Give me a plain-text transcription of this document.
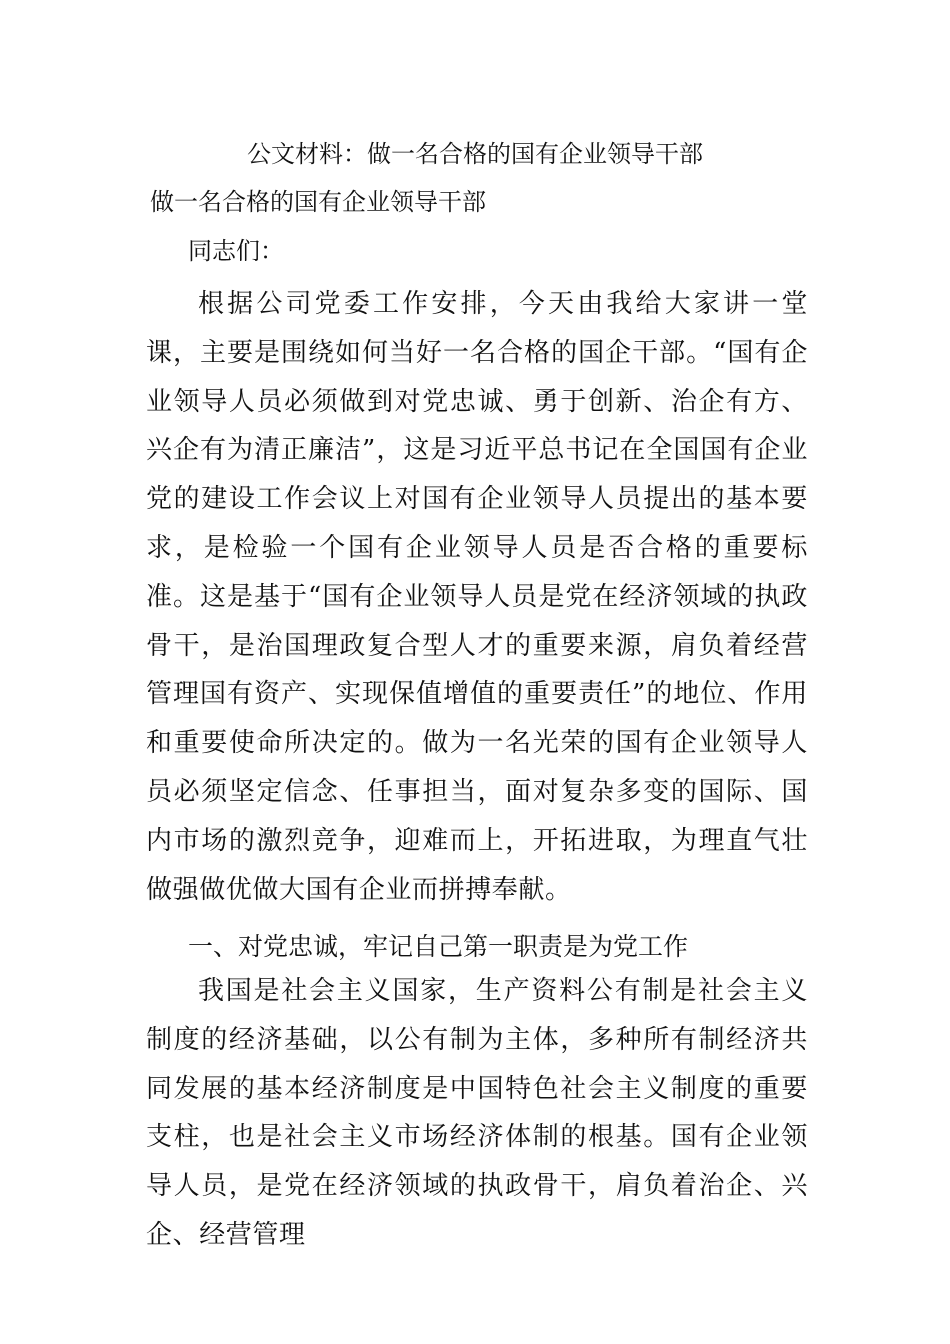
公文材料：做一名合格的国有企业领导干部
做一名合格的国有企业领导干部
同志们：

根据公司党委工作安排，今天由我给大家讲一堂课，主要是围绕如何当好一名合格的国企干部。“国有企业领导人员必须做到对党忠诚、勇于创新、治企有方、兴企有为清正廉洁”，这是习近平总书记在全国国有企业党的建设工作会议上对国有企业领导人员提出的基本要求，是检验一个国有企业领导人员是否合格的重要标准。这是基于“国有企业领导人员是党在经济领域的执政骨干，是治国理政复合型人才的重要来源，肩负着经营管理国有资产、实现保值增值的重要责任”的地位、作用和重要使命所决定的。做为一名光荣的国有企业领导人员必须坚定信念、任事担当，面对复杂多变的国际、国内市场的激烈竞争，迎难而上，开拓进取，为理直气壮做强做优做大国有企业而拼搏奉献。

一、对党忠诚，牢记自己第一职责是为党工作

我国是社会主义国家，生产资料公有制是社会主义制度的经济基础，以公有制为主体，多种所有制经济共同发展的基本经济制度是中国特色社会主义制度的重要支柱，也是社会主义市场经济体制的根基。国有企业领导人员，是党在经济领域的执政骨干，肩负着治企、兴企、经营管理
